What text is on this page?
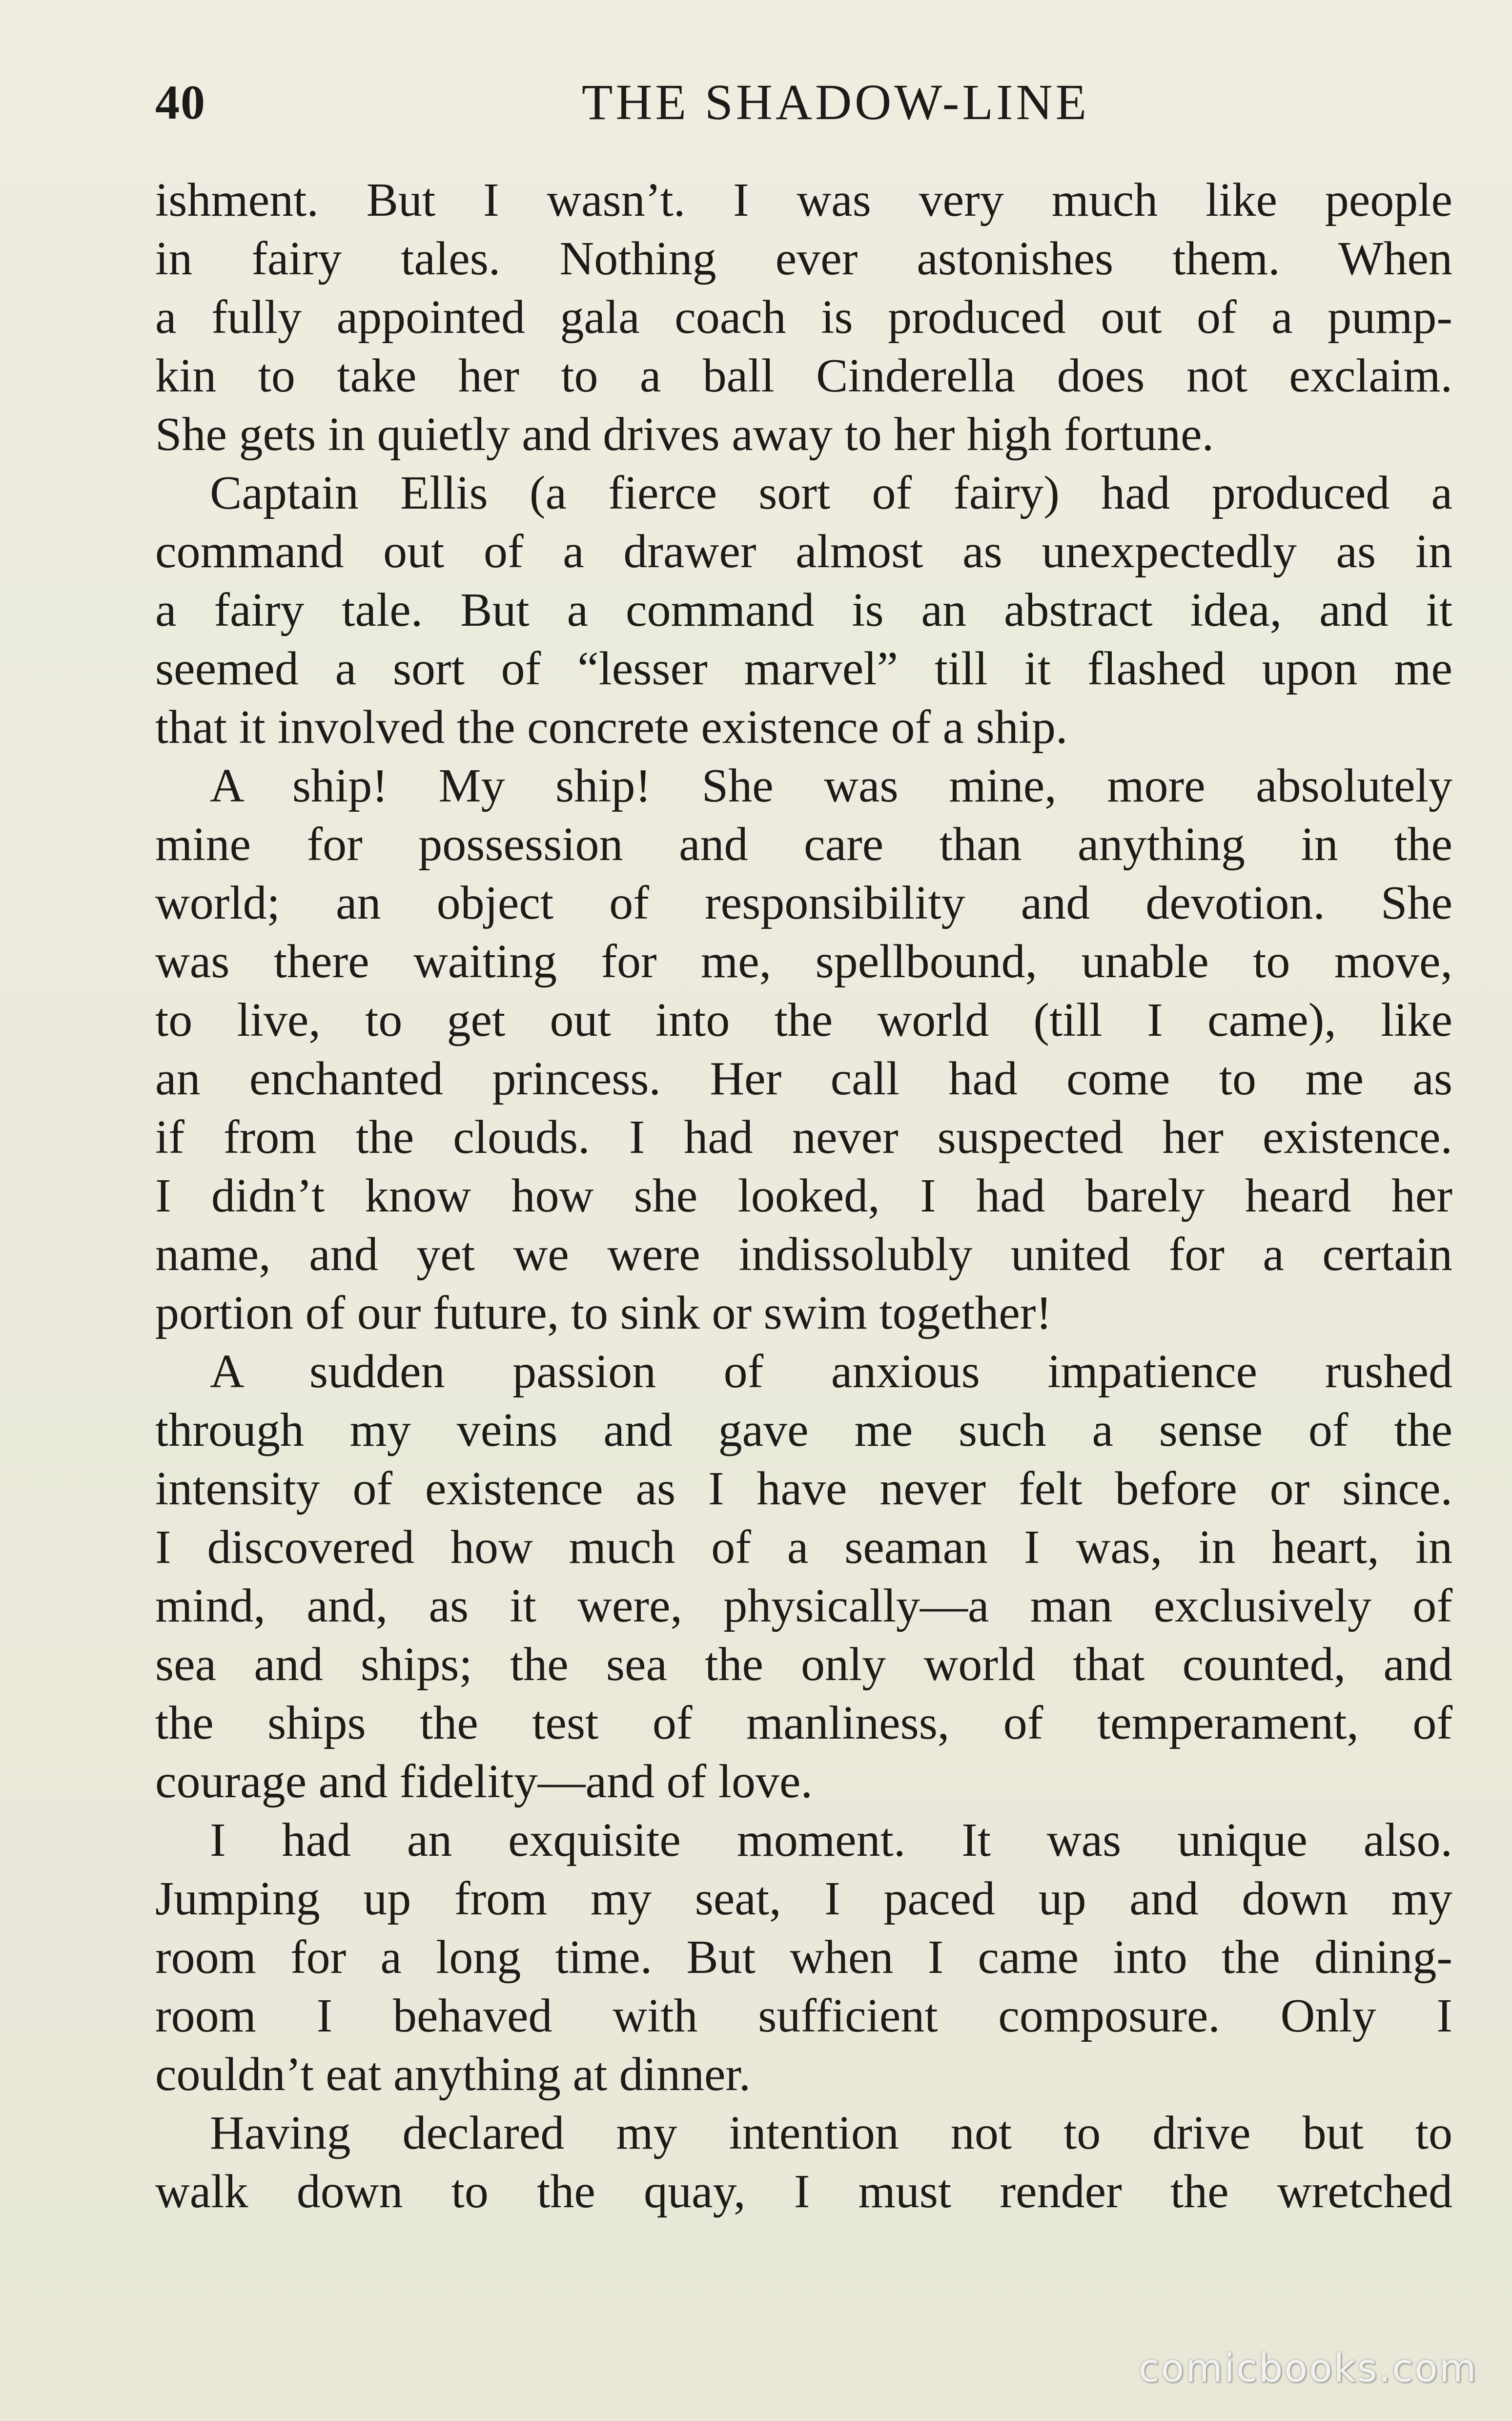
40	THE SHADOW-LINE
ishment. But I wasn’t. I was very much like people
in fairy tales. Nothing ever astonishes them. When
a fully appointed gala coach is produced out of a pump-
kin to take her to a ball Cinderella does not exclaim.
She gets in quietly and drives away to her high fortune.
Captain Ellis (a fierce sort of fairy) had produced a
command out of a drawer almost as unexpectedly as in
a fairy tale. But a command is an abstract idea, and it
seemed a sort of “lesser marvel” till it flashed upon me
that it involved the concrete existence of a ship.
A ship! My ship! She was mine, more absolutely
mine for possession and care than anything in the
world; an object of responsibility and devotion. She
was there waiting for me, spellbound, unable to move,
to live, to get out into the world (till I came), like
an enchanted princess. Her call had come to me as
if from the clouds. I had never suspected her existence.
I didn’t know how she looked, I had barely heard her
name, and yet we were indissolubly united for a certain
portion of our future, to sink or swim together!
A sudden passion of anxious impatience rushed
through my veins and gave me such a sense of the
intensity of existence as I have never felt before or since.
I discovered how much of a seaman I was, in heart, in
mind, and, as it were, physically—a man exclusively of
sea and ships; the sea the only world that counted, and
the ships the test of manliness, of temperament, of
courage and fidelity—and of love.
I had an exquisite moment. It was unique also.
Jumping up from my seat, I paced up and down my
room for a long time. But when I came into the dining-
room I behaved with sufficient composure. Only I
couldn’t eat anything at dinner.
Having declared my intention not to drive but to
walk down to the quay, I must render the wretched
comicbooks.com
